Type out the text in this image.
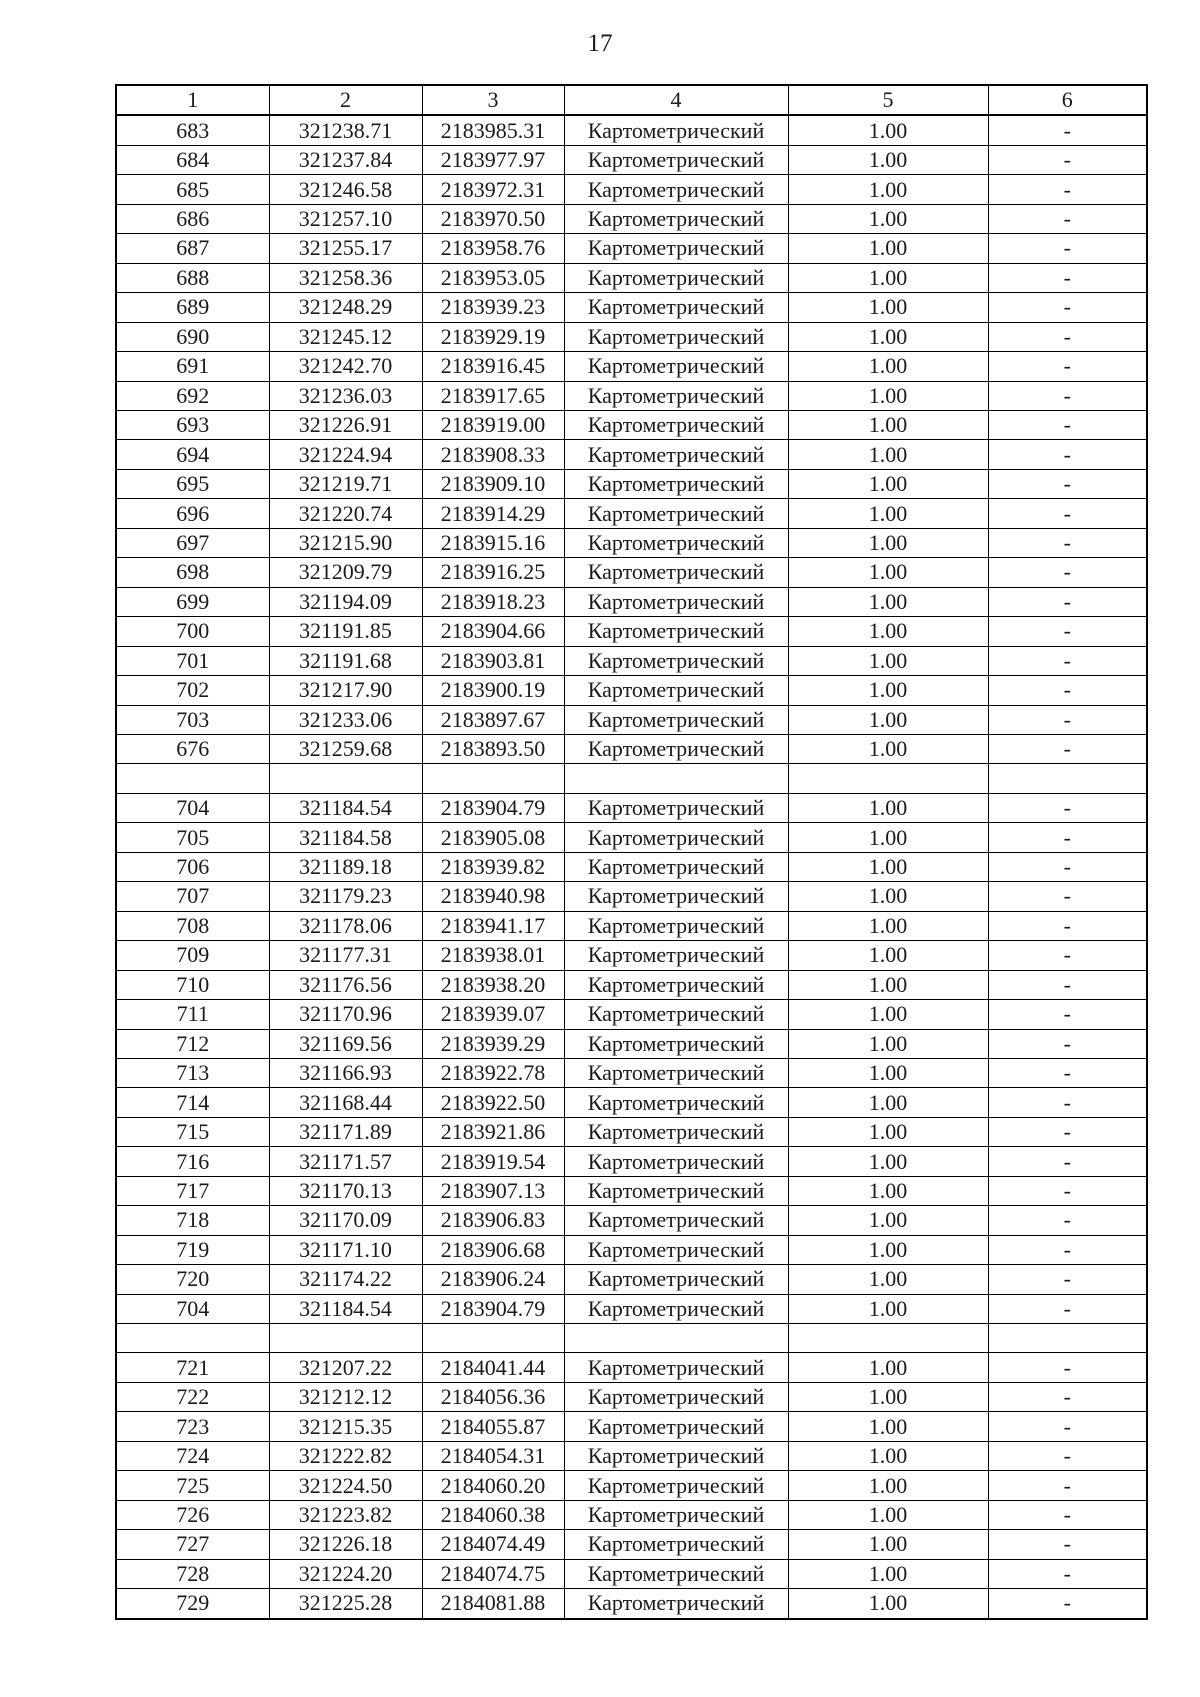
17
1	2	3	4	5	6
683	321238.71	2183985.31	Картометрический	1.00	-
684	321237.84	2183977.97	Картометрический	1.00	-
685	321246.58	2183972.31	Картометрический	1.00	-
686	321257.10	2183970.50	Картометрический	1.00	-
687	321255.17	2183958.76	Картометрический	1.00	-
688	321258.36	2183953.05	Картометрический	1.00	-
689	321248.29	2183939.23	Картометрический	1.00	-
690	321245.12	2183929.19	Картометрический	1.00	-
691	321242.70	2183916.45	Картометрический	1.00	-
692	321236.03	2183917.65	Картометрический	1.00	-
693	321226.91	2183919.00	Картометрический	1.00	-
694	321224.94	2183908.33	Картометрический	1.00	-
695	321219.71	2183909.10	Картометрический	1.00	-
696	321220.74	2183914.29	Картометрический	1.00	-
697	321215.90	2183915.16	Картометрический	1.00	-
698	321209.79	2183916.25	Картометрический	1.00	-
699	321194.09	2183918.23	Картометрический	1.00	-
700	321191.85	2183904.66	Картометрический	1.00	-
701	321191.68	2183903.81	Картометрический	1.00	-
702	321217.90	2183900.19	Картометрический	1.00	-
703	321233.06	2183897.67	Картометрический	1.00	-
676	321259.68	2183893.50	Картометрический	1.00	-

704	321184.54	2183904.79	Картометрический	1.00	-
705	321184.58	2183905.08	Картометрический	1.00	-
706	321189.18	2183939.82	Картометрический	1.00	-
707	321179.23	2183940.98	Картометрический	1.00	-
708	321178.06	2183941.17	Картометрический	1.00	-
709	321177.31	2183938.01	Картометрический	1.00	-
710	321176.56	2183938.20	Картометрический	1.00	-
711	321170.96	2183939.07	Картометрический	1.00	-
712	321169.56	2183939.29	Картометрический	1.00	-
713	321166.93	2183922.78	Картометрический	1.00	-
714	321168.44	2183922.50	Картометрический	1.00	-
715	321171.89	2183921.86	Картометрический	1.00	-
716	321171.57	2183919.54	Картометрический	1.00	-
717	321170.13	2183907.13	Картометрический	1.00	-
718	321170.09	2183906.83	Картометрический	1.00	-
719	321171.10	2183906.68	Картометрический	1.00	-
720	321174.22	2183906.24	Картометрический	1.00	-
704	321184.54	2183904.79	Картометрический	1.00	-

721	321207.22	2184041.44	Картометрический	1.00	-
722	321212.12	2184056.36	Картометрический	1.00	-
723	321215.35	2184055.87	Картометрический	1.00	-
724	321222.82	2184054.31	Картометрический	1.00	-
725	321224.50	2184060.20	Картометрический	1.00	-
726	321223.82	2184060.38	Картометрический	1.00	-
727	321226.18	2184074.49	Картометрический	1.00	-
728	321224.20	2184074.75	Картометрический	1.00	-
729	321225.28	2184081.88	Картометрический	1.00	-
